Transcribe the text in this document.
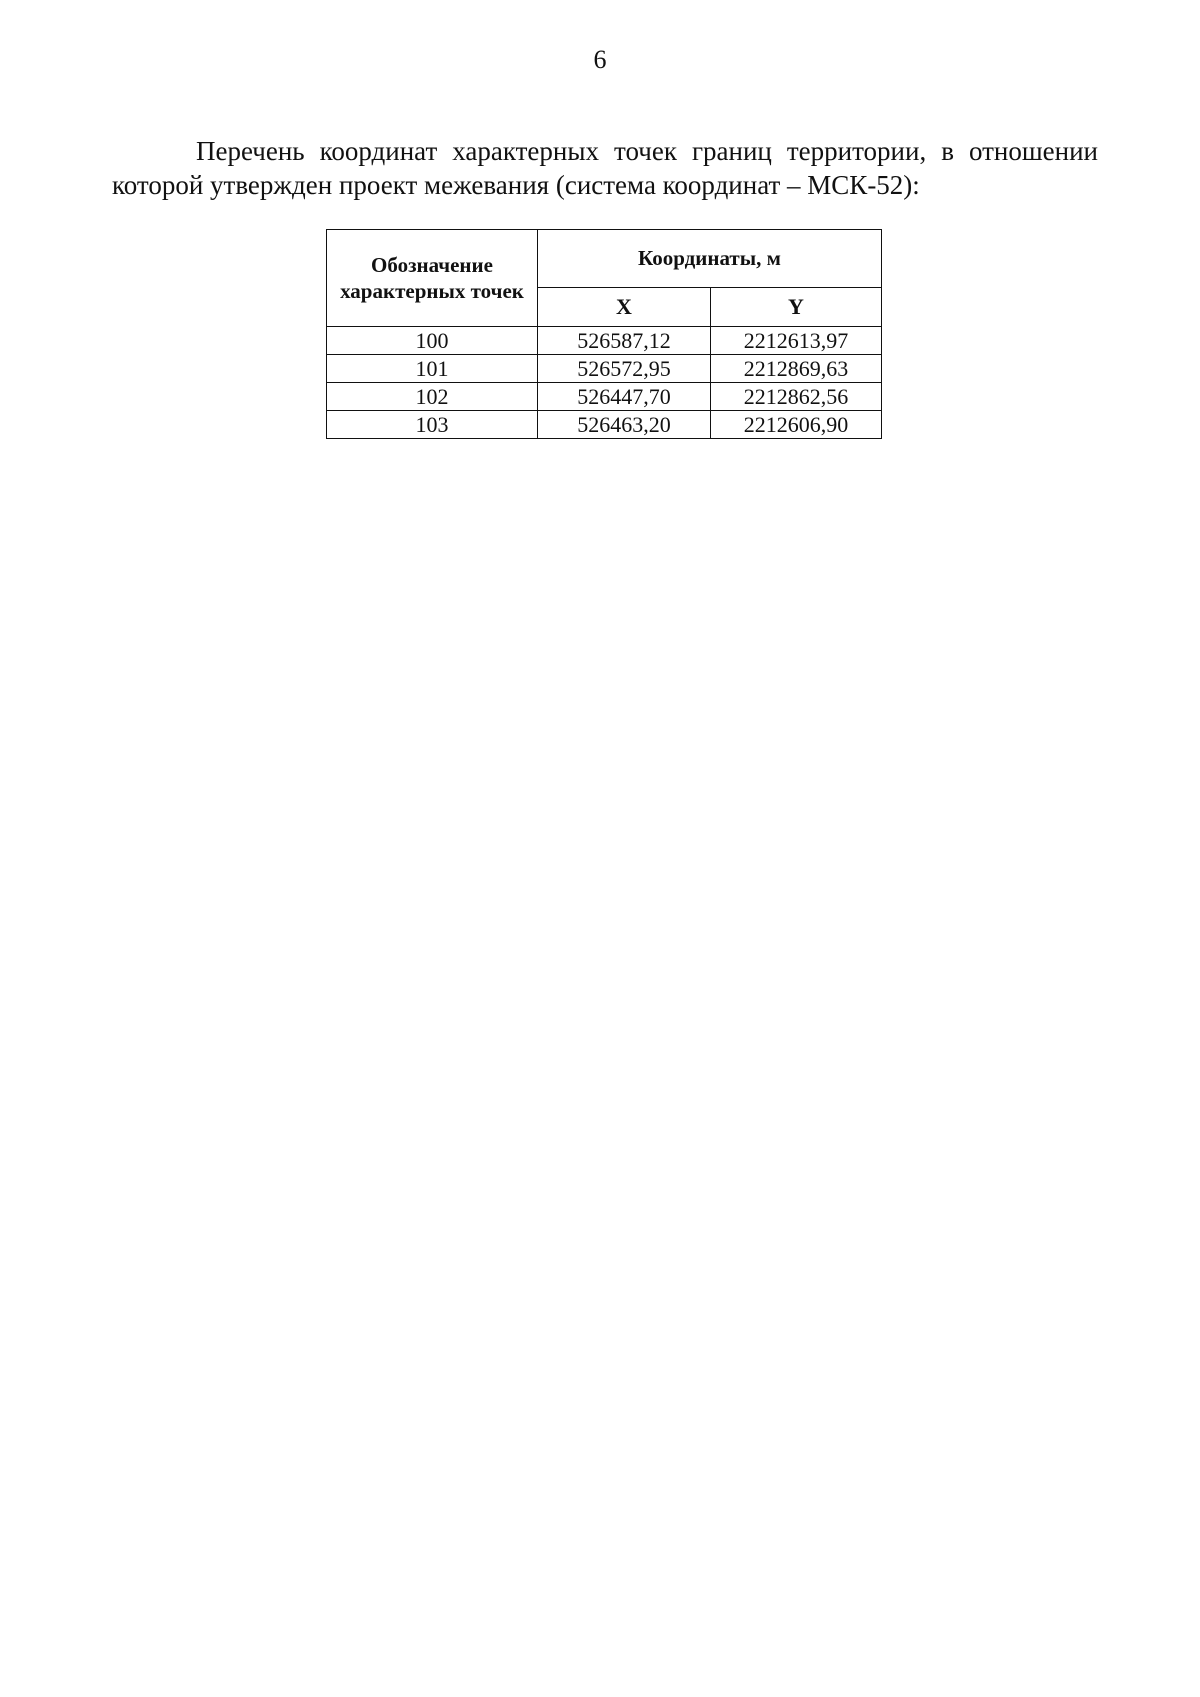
6

Перечень координат характерных точек границ территории, в отношении которой утвержден проект межевания (система координат – МСК-52):

Обозначение характерных точек	Координаты, м	
	X	Y
100	526587,12	2212613,97
101	526572,95	2212869,63
102	526447,70	2212862,56
103	526463,20	2212606,90
